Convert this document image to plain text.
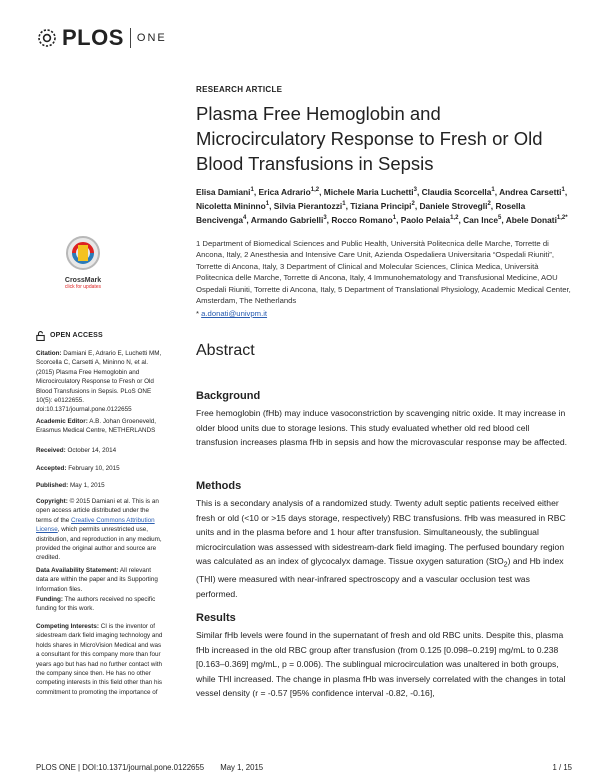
PLOS ONE
RESEARCH ARTICLE
Plasma Free Hemoglobin and Microcirculatory Response to Fresh or Old Blood Transfusions in Sepsis
Elisa Damiani$^1$, Erica Adrario$^{1,2}$, Michele Maria Luchetti$^3$, Claudia Scorcella$^1$, Andrea Carsetti$^1$, Nicoletta Mininno$^1$, Silvia Pierantozzi$^1$, Tiziana Principi$^2$, Daniele Strovegli$^2$, Rosella Bencivenga$^4$, Armando Gabrielli$^3$, Rocco Romano$^1$, Paolo Pelaia$^{1,2}$, Can Ince$^5$, Abele Donati$^{1,2*}$
1 Department of Biomedical Sciences and Public Health, Università Politecnica delle Marche, Torrette di Ancona, Italy, 2 Anesthesia and Intensive Care Unit, Azienda Ospedaliera Universitaria “Ospedali Riuniti”, Torrette di Ancona, Italy, 3 Department of Clinical and Molecular Sciences, Clinica Medica, Università Politecnica delle Marche, Torrette di Ancona, Italy, 4 Immunohematology and Transfusional Medicine, AOU Ospedali Riuniti, Torrette di Ancona, Italy, 5 Department of Translational Physiology, Academic Medical Center, Amsterdam, The Netherlands
* a.donati@univpm.it
Abstract
Background
Free hemoglobin (fHb) may induce vasoconstriction by scavenging nitric oxide. It may increase in older blood units due to storage lesions. This study evaluated whether old red blood cell transfusion increases plasma fHb in sepsis and how the microvascular response may be affected.
Methods
This is a secondary analysis of a randomized study. Twenty adult septic patients received either fresh or old (<10 or >15 days storage, respectively) RBC transfusions. fHb was measured in RBC units and in the plasma before and 1 hour after transfusion. Simultaneously, the sublingual microcirculation was assessed with sidestream-dark field imaging. The perfused boundary region was calculated as an index of glycocalyx damage. Tissue oxygen saturation (StO$_2$) and Hb index (THI) were measured with near-infrared spectroscopy and a vascular occlusion test was performed.
Results
Similar fHb levels were found in the supernatant of fresh and old RBC units. Despite this, plasma fHb increased in the old RBC group after transfusion (from 0.125 [0.098–0.219] mg/mL to 0.238 [0.163–0.369] mg/mL, p = 0.006). The sublingual microcirculation was unaltered in both groups, while THI increased. The change in plasma fHb was inversely correlated with the changes in total vessel density (r = -0.57 [95% confidence interval -0.82, -0.16],
CrossMark
click for updates
OPEN ACCESS
Citation: Damiani E, Adrario E, Luchetti MM, Scorcella C, Carsetti A, Mininno N, et al. (2015) Plasma Free Hemoglobin and Microcirculatory Response to Fresh or Old Blood Transfusions in Sepsis. PLoS ONE 10(5): e0122655. doi:10.1371/journal.pone.0122655
Academic Editor: A.B. Johan Groeneveld, Erasmus Medical Centre, NETHERLANDS
Received: October 14, 2014
Accepted: February 10, 2015
Published: May 1, 2015
Copyright: © 2015 Damiani et al. This is an open access article distributed under the terms of the Creative Commons Attribution License, which permits unrestricted use, distribution, and reproduction in any medium, provided the original author and source are credited.
Data Availability Statement: All relevant data are within the paper and its Supporting Information files.
Funding: The authors received no specific funding for this work.
Competing Interests: CI is the inventor of sidestream dark field imaging technology and holds shares in MicroVision Medical and was a consultant for this company more than four years ago but has had no further contact with the company since then. He has no other competing interests in this field other than his commitment to promoting the importance of
PLOS ONE | DOI:10.1371/journal.pone.0122655 May 1, 2015	1 / 15
